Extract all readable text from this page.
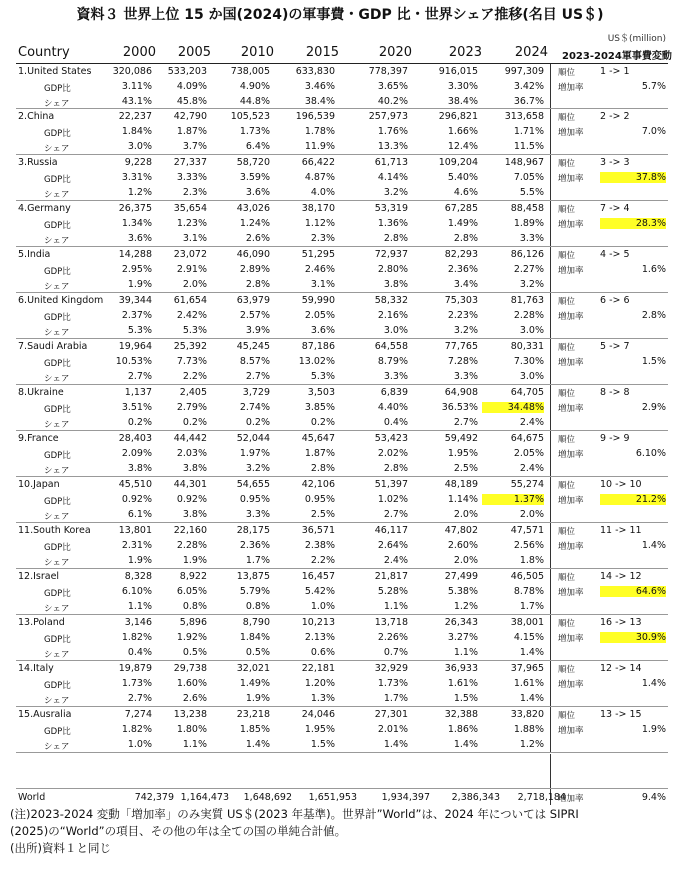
資料３ 世界上位 15 か国(2024)の軍事費・GDP 比・世界シェア推移(名目 US＄)
US＄(million)
Country	2000	2005	2010	2015	2020	2023	2024 2023-2024軍事費変動
1.United States	320,086	533,203	738,005	633,830	778,397	916,015	997,309 順位	1 -> 1
GDP比	3.11%	4.09%	4.90%	3.46%	3.65%	3.30%	3.42% 増加率	5.7%
シェア	43.1%	45.8%	44.8%	38.4%	40.2%	38.4%	36.7%
2.China	22,237	42,790	105,523	196,539	257,973	296,821	313,658 順位	2 -> 2
GDP比	1.84%	1.87%	1.73%	1.78%	1.76%	1.66%	1.71% 増加率	7.0%
シェア	3.0%	3.7%	6.4%	11.9%	13.3%	12.4%	11.5%
3.Russia	9,228	27,337	58,720	66,422	61,713	109,204	148,967 順位	3 -> 3
GDP比	3.31%	3.33%	3.59%	4.87%	4.14%	5.40%	7.05% 増加率	37.8%
シェア	1.2%	2.3%	3.6%	4.0%	3.2%	4.6%	5.5%
4.Germany	26,375	35,654	43,026	38,170	53,319	67,285	88,458 順位	7 -> 4
GDP比	1.34%	1.23%	1.24%	1.12%	1.36%	1.49%	1.89% 増加率	28.3%
シェア	3.6%	3.1%	2.6%	2.3%	2.8%	2.8%	3.3%
5.India	14,288	23,072	46,090	51,295	72,937	82,293	86,126 順位	4 -> 5
GDP比	2.95%	2.91%	2.89%	2.46%	2.80%	2.36%	2.27% 増加率	1.6%
シェア	1.9%	2.0%	2.8%	3.1%	3.8%	3.4%	3.2%
6.United Kingdom	39,344	61,654	63,979	59,990	58,332	75,303	81,763 順位	6 -> 6
GDP比	2.37%	2.42%	2.57%	2.05%	2.16%	2.23%	2.28% 増加率	2.8%
シェア	5.3%	5.3%	3.9%	3.6%	3.0%	3.2%	3.0%
7.Saudi Arabia	19,964	25,392	45,245	87,186	64,558	77,765	80,331 順位	5 -> 7
GDP比	10.53%	7.73%	8.57%	13.02%	8.79%	7.28%	7.30% 増加率	1.5%
シェア	2.7%	2.2%	2.7%	5.3%	3.3%	3.3%	3.0%
8.Ukraine	1,137	2,405	3,729	3,503	6,839	64,908	64,705 順位	8 -> 8
GDP比	3.51%	2.79%	2.74%	3.85%	4.40%	36.53%	34.48% 増加率	2.9%
シェア	0.2%	0.2%	0.2%	0.2%	0.4%	2.7%	2.4%
9.France	28,403	44,442	52,044	45,647	53,423	59,492	64,675 順位	9 -> 9
GDP比	2.09%	2.03%	1.97%	1.87%	2.02%	1.95%	2.05% 増加率	6.10%
シェア	3.8%	3.8%	3.2%	2.8%	2.8%	2.5%	2.4%
10.Japan	45,510	44,301	54,655	42,106	51,397	48,189	55,274 順位	10 -> 10
GDP比	0.92%	0.92%	0.95%	0.95%	1.02%	1.14%	1.37% 増加率	21.2%
シェア	6.1%	3.8%	3.3%	2.5%	2.7%	2.0%	2.0%
11.South Korea	13,801	22,160	28,175	36,571	46,117	47,802	47,571 順位	11 -> 11
GDP比	2.31%	2.28%	2.36%	2.38%	2.64%	2.60%	2.56% 増加率	1.4%
シェア	1.9%	1.9%	1.7%	2.2%	2.4%	2.0%	1.8%
12.Israel	8,328	8,922	13,875	16,457	21,817	27,499	46,505 順位	14 -> 12
GDP比	6.10%	6.05%	5.79%	5.42%	5.28%	5.38%	8.78% 増加率	64.6%
シェア	1.1%	0.8%	0.8%	1.0%	1.1%	1.2%	1.7%
13.Poland	3,146	5,896	8,790	10,213	13,718	26,343	38,001 順位	16 -> 13
GDP比	1.82%	1.92%	1.84%	2.13%	2.26%	3.27%	4.15% 増加率	30.9%
シェア	0.4%	0.5%	0.5%	0.6%	0.7%	1.1%	1.4%
14.Italy	19,879	29,738	32,021	22,181	32,929	36,933	37,965 順位	12 -> 14
GDP比	1.73%	1.60%	1.49%	1.20%	1.73%	1.61%	1.61% 増加率	1.4%
シェア	2.7%	2.6%	1.9%	1.3%	1.7%	1.5%	1.4%
15.Ausralia	7,274	13,238	23,218	24,046	27,301	32,388	33,820 順位	13 -> 15
GDP比	1.82%	1.80%	1.85%	1.95%	2.01%	1.86%	1.88% 増加率	1.9%
シェア	1.0%	1.1%	1.4%	1.5%	1.4%	1.4%	1.2%
World	742,379 1,164,473	1,648,692	1,651,953	1,934,397	2,386,343	2,718,184
増加率	9.4%
(注)2023-2024 変動「増加率」のみ実質 US＄(2023 年基準)。世界計”World”は、2024 年については SIPRI
(2025)の“World”の項目、その他の年は全ての国の単純合計値。
(出所)資料１と同じ
